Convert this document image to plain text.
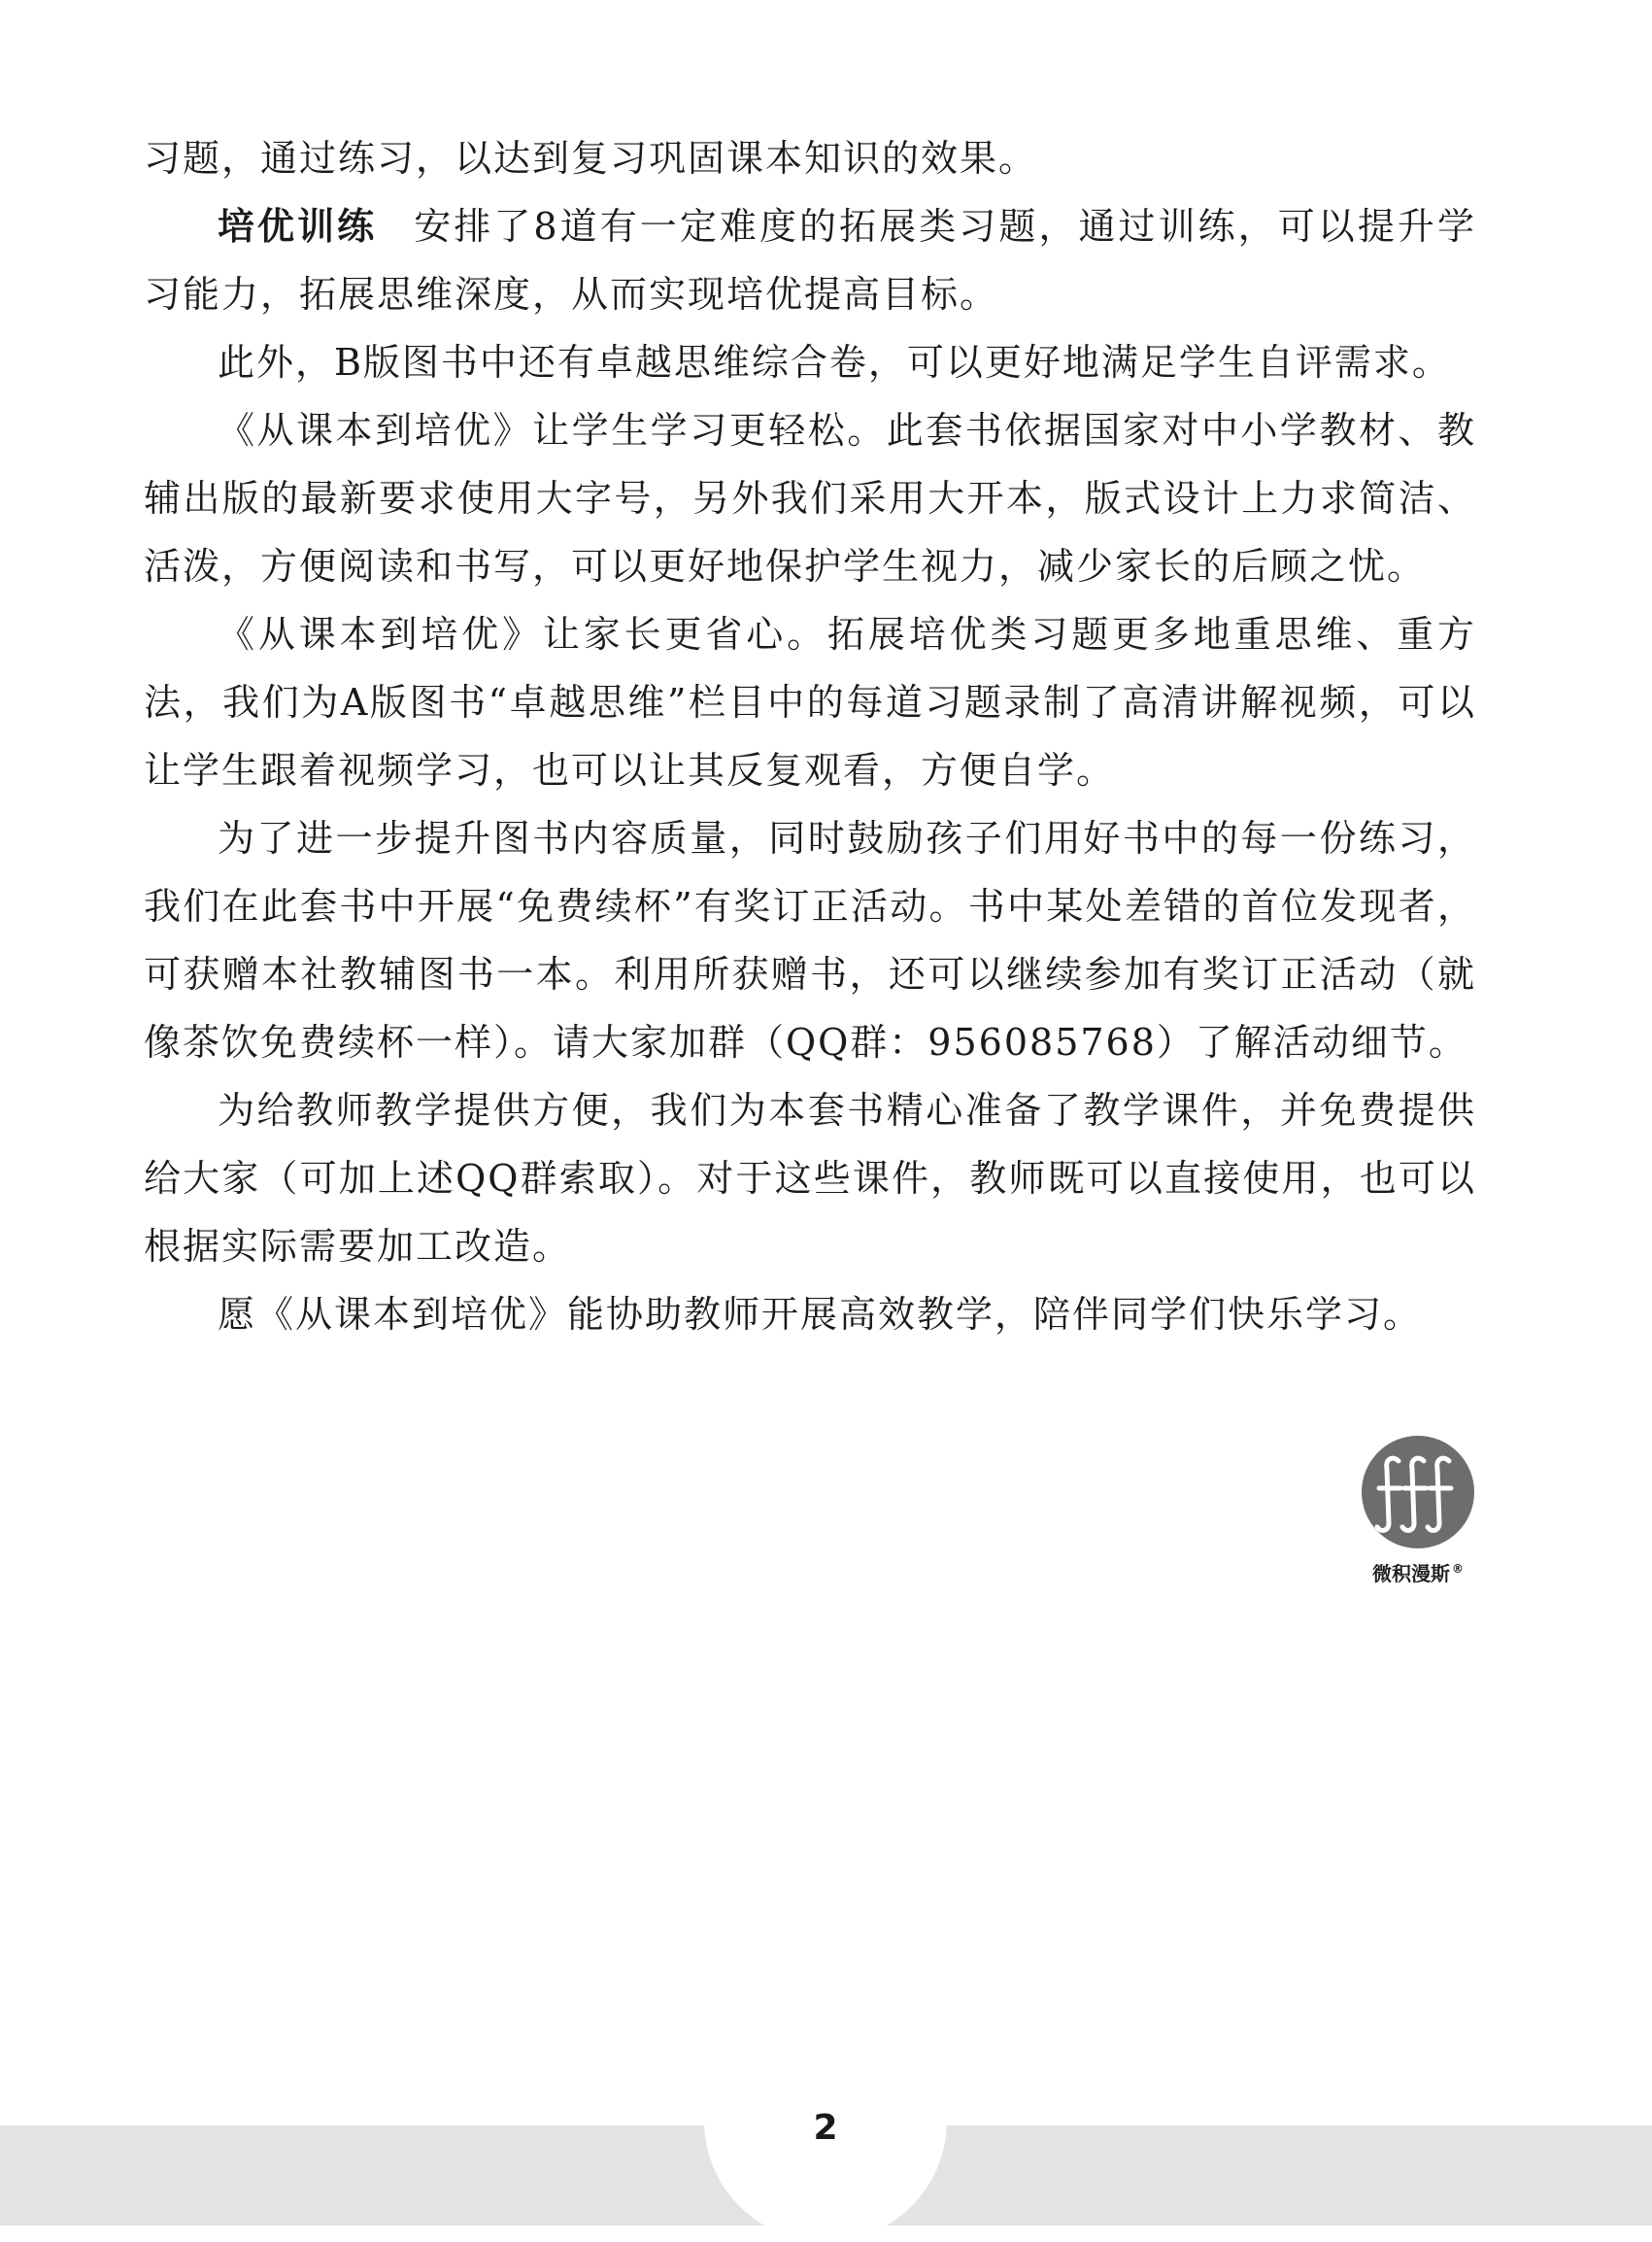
习题，通过练习，以达到复习巩固课本知识的效果。

培优训练 安排了8道有一定难度的拓展类习题，通过训练，可以提升学习能力，拓展思维深度，从而实现培优提高目标。

此外，B版图书中还有卓越思维综合卷，可以更好地满足学生自评需求。

《从课本到培优》让学生学习更轻松。此套书依据国家对中小学教材、教辅出版的最新要求使用大字号，另外我们采用大开本，版式设计上力求简洁、活泼，方便阅读和书写，可以更好地保护学生视力，减少家长的后顾之忧。

《从课本到培优》让家长更省心。拓展培优类习题更多地重思维、重方法，我们为A版图书“卓越思维”栏目中的每道习题录制了高清讲解视频，可以让学生跟着视频学习，也可以让其反复观看，方便自学。

为了进一步提升图书内容质量，同时鼓励孩子们用好书中的每一份练习，我们在此套书中开展“免费续杯”有奖订正活动。书中某处差错的首位发现者，可获赠本社教辅图书一本。利用所获赠书，还可以继续参加有奖订正活动（就像茶饮免费续杯一样）。请大家加群（QQ群：956085768）了解活动细节。

为给教师教学提供方便，我们为本套书精心准备了教学课件，并免费提供给大家（可加上述QQ群索取）。对于这些课件，教师既可以直接使用，也可以根据实际需要加工改造。

愿《从课本到培优》能协助教师开展高效教学，陪伴同学们快乐学习。

微积漫斯 ®
2
